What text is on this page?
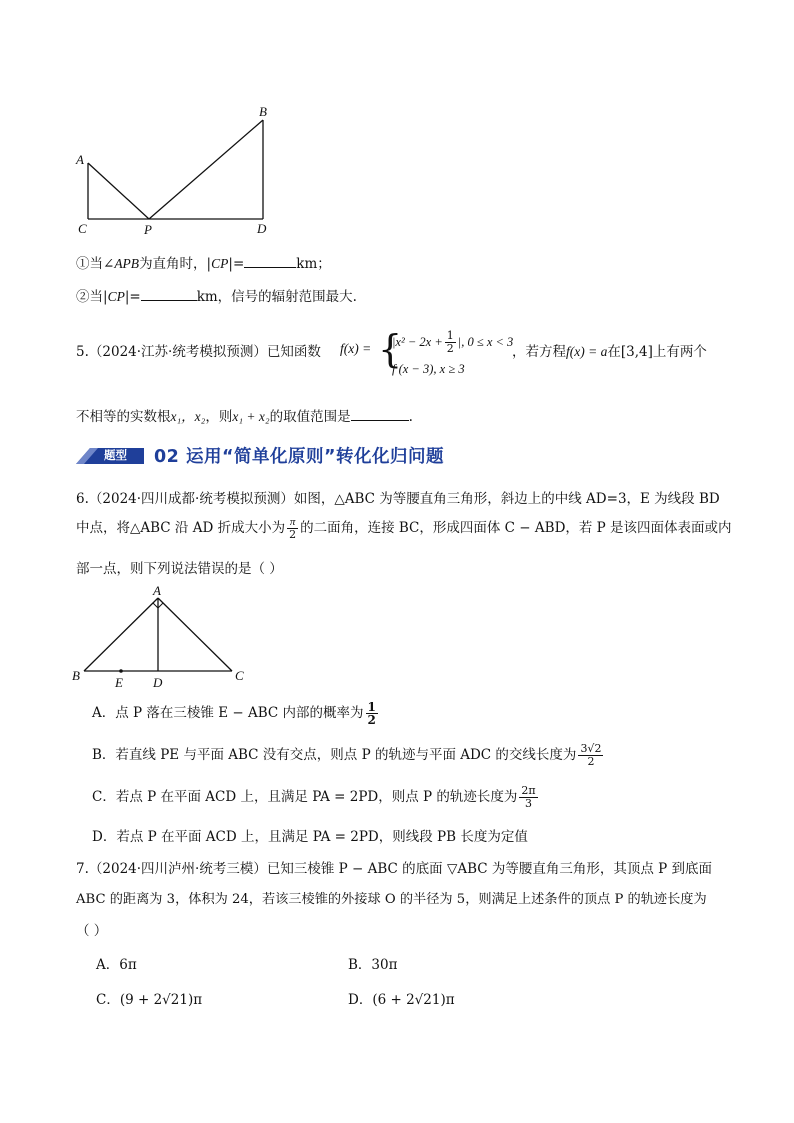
A
B
C	P	D
①当∠APB为直角时，|CP|=	km；
②当|CP|=	km，信号的辐射范围最大.
5.（2024·江苏·统考模拟预测）已知函数 f(x) = {
$|x^2 - 2x + \frac{1}{2}$ |, 0 ≤ x < 3
f (x − 3), x ≥ 3
，若方程f(x) = a在[3,4]上有两个
不相等的实数根x₁，x₂，则x₁ + x₂的取值范围是	.
题型 02 运用“简单化原则”转化化归问题
6.（2024·四川成都·统考模拟预测）如图，△ABC 为等腰直角三角形，斜边上的中线 AD=3，E 为线段 BD
中点，将△ABC 沿 AD 折成大小为 $\frac{\pi}{2}$ 的二面角，连接 BC，形成四面体 C − ABD，若 P 是该四面体表面或内
部一点，则下列说法错误的是（ ）
A
B	E D	C
A．点 P 落在三棱锥 E − ABC 内部的概率为 $\frac{1}{2}$
B．若直线 PE 与平面 ABC 没有交点，则点 P 的轨迹与平面 ADC 的交线长度为 $\frac{3√2}{2}$
C．若点 P 在平面 ACD 上，且满足 PA = 2PD，则点 P 的轨迹长度为 $\frac{2\pi}{3}$
D．若点 P 在平面 ACD 上，且满足 PA = 2PD，则线段 PB 长度为定值
7.（2024·四川泸州·统考三模）已知三棱锥 P − ABC 的底面 ▽ABC 为等腰直角三角形，其顶点 P 到底面
ABC 的距离为 3，体积为 24，若该三棱锥的外接球 O 的半径为 5，则满足上述条件的顶点 P 的轨迹长度为
（ ）
A．6π	B．30π
C．(9 + 2√21)π	D．(6 + 2√21)π
